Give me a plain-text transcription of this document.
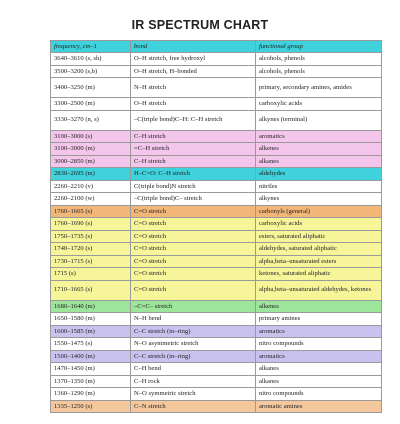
IR SPECTRUM CHART
frequency, cm–1	bond	functional group
3640–3610 (s, sh)	O–H stretch, free hydroxyl	alcohols, phenols
3500–3200 (s,b)	O–H stretch, H–bonded	alcohols, phenols
3400–3250 (m)	N–H stretch	primary, secondary amines, amides
3300–2500 (m)	O–H stretch	carboxylic acids
3330–3270 (n, s)	–C(triple bond)C–H: C–H stretch	alkynes (terminal)
3100–3000 (s)	C–H stretch	aromatics
3100–3000 (m)	=C–H stretch	alkenes
3000–2850 (m)	C–H stretch	alkanes
2830–2695 (m)	H–C=O: C–H stretch	aldehydes
2260–2210 (v)	C(triple bond)N stretch	nitriles
2260–2100 (w)	–C(triple bond)C– stretch	alkynes
1760–1665 (s)	C=O stretch	carbonyls (general)
1760–1690 (s)	C=O stretch	carboxylic acids
1750–1735 (s)	C=O stretch	esters, saturated aliphatic
1740–1720 (s)	C=O stretch	aldehydes, saturated aliphatic
1730–1715 (s)	C=O stretch	alpha,beta–unsaturated esters
1715 (s)	C=O stretch	ketones, saturated aliphatic
1710–1665 (s)	C=O stretch	alpha,beta–unsaturated aldehydes, ketones
1680–1640 (m)	–C=C– stretch	alkenes
1650–1580 (m)	N–H bend	primary amines
1600–1585 (m)	C–C stretch (in–ring)	aromatics
1550–1475 (s)	N–O asymmetric stretch	nitro compounds
1500–1400 (m)	C–C stretch (in–ring)	aromatics
1470–1450 (m)	C–H bend	alkanes
1370–1350 (m)	C–H rock	alkanes
1360–1290 (m)	N–O symmetric stretch	nitro compounds
1335–1250 (s)	C–N stretch	aromatic amines
